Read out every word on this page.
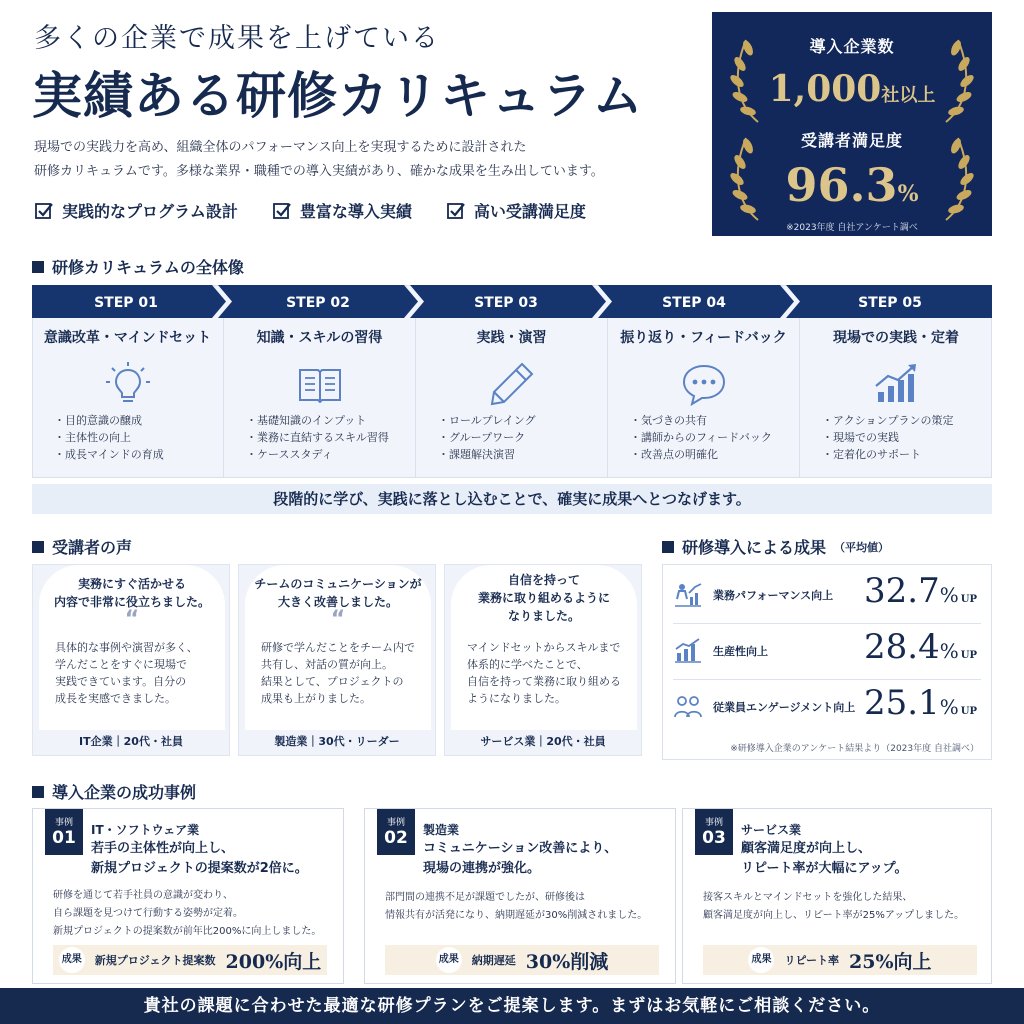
多くの企業で成果を上げている
実績ある研修カリキュラム
現場での実践力を高め、組織全体のパフォーマンス向上を実現するために設計された
研修カリキュラムです。多様な業界・職種での導入実績があり、確かな成果を生み出しています。
実践的なプログラム設計	豊富な導入実績	高い受講満足度
導入企業数
1,000社以上
受講者満足度
96.3%
※2023年度 自社アンケート調べ
研修カリキュラムの全体像
STEP 01	STEP 02	STEP 03	STEP 04	STEP 05
意識改革・マインドセット
・ 目的意識の醸成
・ 主体性の向上
・ 成長マインドの育成
知識・スキルの習得
・ 基礎知識のインプット
・ 業務に直結するスキル習得
・ ケーススタディ
実践・演習
・ ロールプレイング
・ グループワーク
・ 課題解決演習
振り返り・フィードバック
・ 気づきの共有
・ 講師からのフィードバック
・ 改善点の明確化
現場での実践・定着
・ アクションプランの策定
・ 現場での実践
・ 定着化のサポート
段階的に学び、実践に落とし込むことで、確実に成果へとつなげます。
受講者の声
実務にすぐ活かせる
内容で非常に役立ちました。
“
具体的な事例や演習が多く、
学んだことをすぐに現場で
実践できています。自分の
成長を実感できました。
IT企業｜20代・社員
チームのコミュニケーションが
大きく改善しました。
“
研修で学んだことをチーム内で
共有し、対話の質が向上。
結果として、プロジェクトの
成果も上がりました。
製造業｜30代・リーダー
自信を持って
業務に取り組めるように
なりました。
マインドセットからスキルまで
体系的に学べたことで、
自信を持って業務に取り組める
ようになりました。
サービス業｜20代・社員
研修導入による成果 （平均値）
業務パフォーマンス向上 32.7% UP
生産性向上	28.4% UP
従業員エンゲージメント向上 25.1% UP
※研修導入企業のアンケート結果より（2023年度 自社調べ）
導入企業の成功事例
事例
01	IT・ソフトウェア業
若手の主体性が向上し、
新規プロジェクトの提案数が2倍に。
研修を通じて若手社員の意識が変わり、
自ら課題を見つけて行動する姿勢が定着。
新規プロジェクトの提案数が前年比200%に向上しました。
成果 新規プロジェクト提案数 200%向上
事例
02	製造業
コミュニケーション改善により、
現場の連携が強化。
部門間の連携不足が課題でしたが、研修後は
情報共有が活発になり、納期遅延が30%削減されました。
成果 納期遅延 30%削減
事例
03	サービス業
顧客満足度が向上し、
リピート率が大幅にアップ。
接客スキルとマインドセットを強化した結果、
顧客満足度が向上し、リピート率が25%アップしました。
成果 リピート率 25%向上
貴社の課題に合わせた最適な研修プランをご提案します。まずはお気軽にご相談ください。
